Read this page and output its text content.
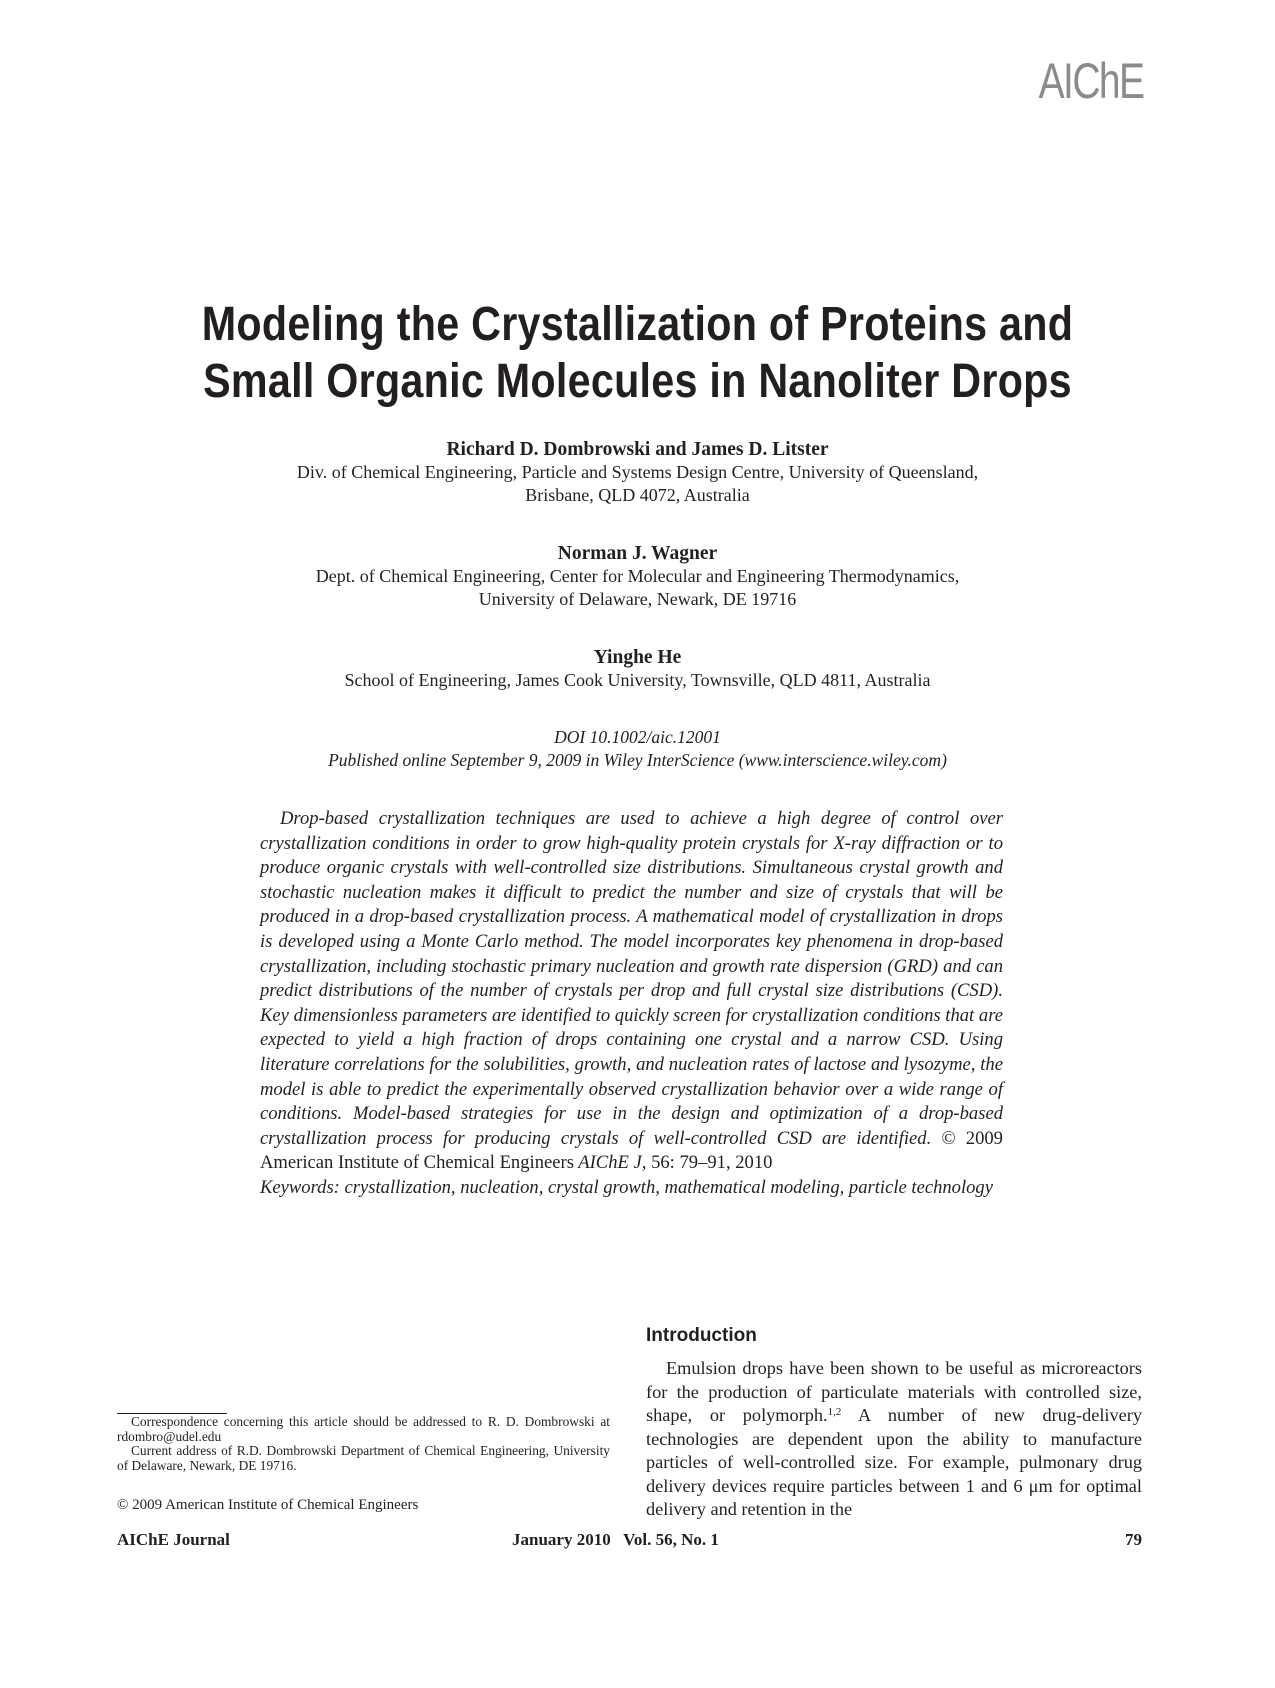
AIChE
Modeling the Crystallization of Proteins and
Small Organic Molecules in Nanoliter Drops
Richard D. Dombrowski and James D. Litster
Div. of Chemical Engineering, Particle and Systems Design Centre, University of Queensland,
Brisbane, QLD 4072, Australia
Norman J. Wagner
Dept. of Chemical Engineering, Center for Molecular and Engineering Thermodynamics,
University of Delaware, Newark, DE 19716
Yinghe He
School of Engineering, James Cook University, Townsville, QLD 4811, Australia
DOI 10.1002/aic.12001
Published online September 9, 2009 in Wiley InterScience (www.interscience.wiley.com)

Drop-based crystallization techniques are used to achieve a high degree of control over crystallization conditions in order to grow high-quality protein crystals for X-ray diffraction or to produce organic crystals with well-controlled size distributions. Simultaneous crystal growth and stochastic nucleation makes it difficult to predict the number and size of crystals that will be produced in a drop-based crystallization process. A mathematical model of crystallization in drops is developed using a Monte Carlo method. The model incorporates key phenomena in drop-based crystallization, including stochastic primary nucleation and growth rate dispersion (GRD) and can predict distributions of the number of crystals per drop and full crystal size distributions (CSD). Key dimensionless parameters are identified to quickly screen for crystallization conditions that are expected to yield a high fraction of drops containing one crystal and a narrow CSD. Using literature correlations for the solubilities, growth, and nucleation rates of lactose and lysozyme, the model is able to predict the experimentally observed crystallization behavior over a wide range of conditions. Model-based strategies for use in the design and optimization of a drop-based crystallization process for producing crystals of well-controlled CSD are identified. © 2009 American Institute of Chemical Engineers AIChE J, 56: 79–91, 2010

Keywords: crystallization, nucleation, crystal growth, mathematical modeling, particle technology

Introduction

Emulsion drops have been shown to be useful as microreactors for the production of particulate materials with controlled size, shape, or polymorph.$^{1,2}$ A number of new drug-delivery technologies are dependent upon the ability to manufacture particles of well-controlled size. For example, pulmonary drug delivery devices require particles between 1 and 6 μm for optimal delivery and retention in the

Correspondence concerning this article should be addressed to R. D. Dombrowski at rdombro@udel.edu

Current address of R.D. Dombrowski Department of Chemical Engineering, University of Delaware, Newark, DE 19716.

© 2009 American Institute of Chemical Engineers
AIChE Journal	January 2010   Vol. 56, No. 1	79
